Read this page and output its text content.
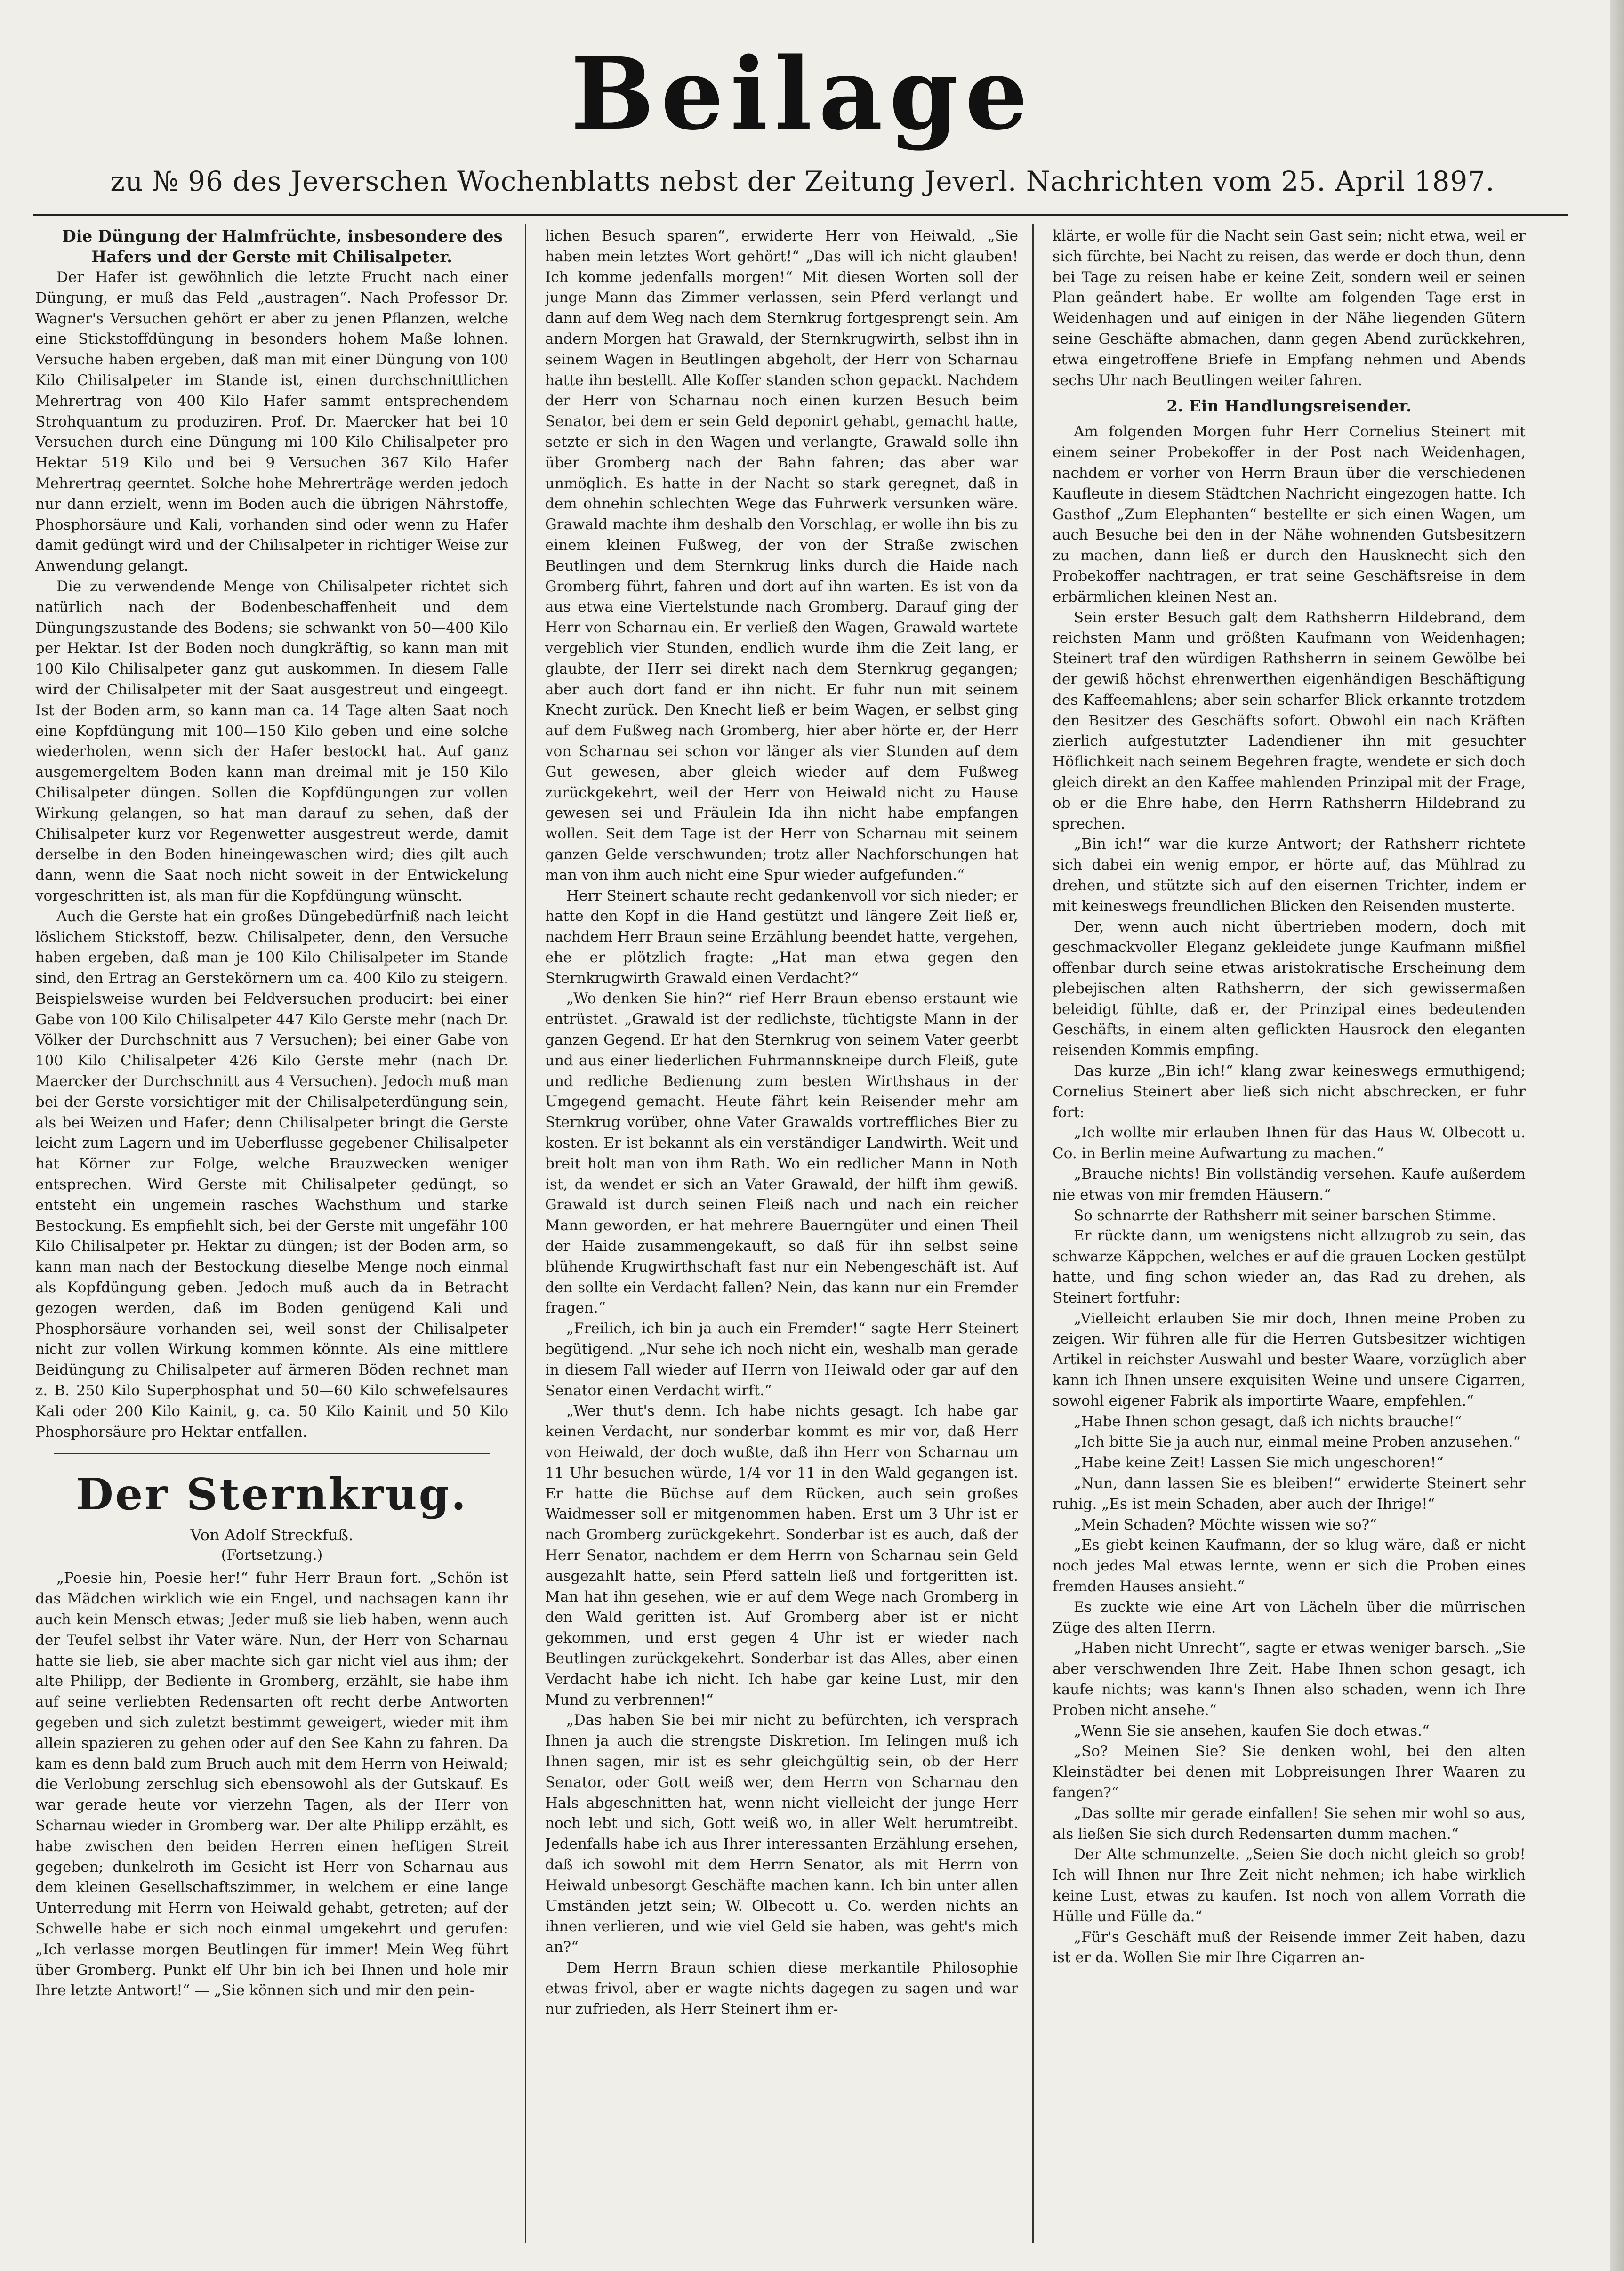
Beilage
zu № 96 des Jeverschen Wochenblatts nebst der Zeitung Jeverl. Nachrichten vom 25. April 1897.

Die Düngung der Halmfrüchte, insbesondere des Hafers und der Gerste mit Chilisalpeter.

Der Hafer ist gewöhnlich die letzte Frucht nach einer Düngung, er muß das Feld „austragen“. Nach Professor Dr. Wagner's Versuchen gehört er aber zu jenen Pflanzen, welche eine Stickstoffdüngung in besonders hohem Maße lohnen. Versuche haben ergeben, daß man mit einer Düngung von 100 Kilo Chilisalpeter im Stande ist, einen durchschnittlichen Mehrertrag von 400 Kilo Hafer sammt entsprechendem Strohquantum zu produziren. Prof. Dr. Maercker hat bei 10 Versuchen durch eine Düngung mi 100 Kilo Chilisalpeter pro Hektar 519 Kilo und bei 9 Versuchen 367 Kilo Hafer Mehrertrag geerntet. Solche hohe Mehrerträge werden jedoch nur dann erzielt, wenn im Boden auch die übrigen Nährstoffe, Phosphorsäure und Kali, vorhanden sind oder wenn zu Hafer damit gedüngt wird und der Chilisalpeter in richtiger Weise zur Anwendung gelangt.

Die zu verwendende Menge von Chilisalpeter richtet sich natürlich nach der Bodenbeschaffenheit und dem Düngungszustande des Bodens; sie schwankt von 50—400 Kilo per Hektar. Ist der Boden noch dungkräftig, so kann man mit 100 Kilo Chilisalpeter ganz gut auskommen. In diesem Falle wird der Chilisalpeter mit der Saat ausgestreut und eingeegt. Ist der Boden arm, so kann man ca. 14 Tage alten Saat noch eine Kopfdüngung mit 100—150 Kilo geben und eine solche wiederholen, wenn sich der Hafer bestockt hat. Auf ganz ausgemergeltem Boden kann man dreimal mit je 150 Kilo Chilisalpeter düngen. Sollen die Kopfdüngungen zur vollen Wirkung gelangen, so hat man darauf zu sehen, daß der Chilisalpeter kurz vor Regenwetter ausgestreut werde, damit derselbe in den Boden hineingewaschen wird; dies gilt auch dann, wenn die Saat noch nicht soweit in der Entwickelung vorgeschritten ist, als man für die Kopfdüngung wünscht.

Auch die Gerste hat ein großes Düngebedürfniß nach leicht löslichem Stickstoff, bezw. Chilisalpeter, denn, den Versuche haben ergeben, daß man je 100 Kilo Chilisalpeter im Stande sind, den Ertrag an Gerstekörnern um ca. 400 Kilo zu steigern. Beispielsweise wurden bei Feldversuchen producirt: bei einer Gabe von 100 Kilo Chilisalpeter 447 Kilo Gerste mehr (nach Dr. Völker der Durchschnitt aus 7 Versuchen); bei einer Gabe von 100 Kilo Chilisalpeter 426 Kilo Gerste mehr (nach Dr. Maercker der Durchschnitt aus 4 Versuchen). Jedoch muß man bei der Gerste vorsichtiger mit der Chilisalpeterdüngung sein, als bei Weizen und Hafer; denn Chilisalpeter bringt die Gerste leicht zum Lagern und im Ueberflusse gegebener Chilisalpeter hat Körner zur Folge, welche Brauzwecken weniger entsprechen. Wird Gerste mit Chilisalpeter gedüngt, so entsteht ein ungemein rasches Wachsthum und starke Bestockung. Es empfiehlt sich, bei der Gerste mit ungefähr 100 Kilo Chilisalpeter pr. Hektar zu düngen; ist der Boden arm, so kann man nach der Bestockung dieselbe Menge noch einmal als Kopfdüngung geben. Jedoch muß auch da in Betracht gezogen werden, daß im Boden genügend Kali und Phosphorsäure vorhanden sei, weil sonst der Chilisalpeter nicht zur vollen Wirkung kommen könnte. Als eine mittlere Beidüngung zu Chilisalpeter auf ärmeren Böden rechnet man z. B. 250 Kilo Superphosphat und 50—60 Kilo schwefelsaures Kali oder 200 Kilo Kainit, g. ca. 50 Kilo Kainit und 50 Kilo Phosphorsäure pro Hektar entfallen.

Der Sternkrug.
Von Adolf Streckfuß.
(Fortsetzung.)

„Poesie hin, Poesie her!“ fuhr Herr Braun fort. „Schön ist das Mädchen wirklich wie ein Engel, und nachsagen kann ihr auch kein Mensch etwas; Jeder muß sie lieb haben, wenn auch der Teufel selbst ihr Vater wäre. Nun, der Herr von Scharnau hatte sie lieb, sie aber machte sich gar nicht viel aus ihm; der alte Philipp, der Bediente in Gromberg, erzählt, sie habe ihm auf seine verliebten Redensarten oft recht derbe Antworten gegeben und sich zuletzt bestimmt geweigert, wieder mit ihm allein spazieren zu gehen oder auf den See Kahn zu fahren. Da kam es denn bald zum Bruch auch mit dem Herrn von Heiwald; die Verlobung zerschlug sich ebensowohl als der Gutskauf. Es war gerade heute vor vierzehn Tagen, als der Herr von Scharnau wieder in Gromberg war. Der alte Philipp erzählt, es habe zwischen den beiden Herren einen heftigen Streit gegeben; dunkelroth im Gesicht ist Herr von Scharnau aus dem kleinen Gesellschaftszimmer, in welchem er eine lange Unterredung mit Herrn von Heiwald gehabt, getreten; auf der Schwelle habe er sich noch einmal umgekehrt und gerufen: „Ich verlasse morgen Beutlingen für immer! Mein Weg führt über Gromberg. Punkt elf Uhr bin ich bei Ihnen und hole mir Ihre letzte Antwort!“ — „Sie können sich und mir den pein-

lichen Besuch sparen“, erwiderte Herr von Heiwald, „Sie haben mein letztes Wort gehört!“ „Das will ich nicht glauben! Ich komme jedenfalls morgen!“ Mit diesen Worten soll der junge Mann das Zimmer verlassen, sein Pferd verlangt und dann auf dem Weg nach dem Sternkrug fortgesprengt sein. Am andern Morgen hat Grawald, der Sternkrugwirth, selbst ihn in seinem Wagen in Beutlingen abgeholt, der Herr von Scharnau hatte ihn bestellt. Alle Koffer standen schon gepackt. Nachdem der Herr von Scharnau noch einen kurzen Besuch beim Senator, bei dem er sein Geld deponirt gehabt, gemacht hatte, setzte er sich in den Wagen und verlangte, Grawald solle ihn über Gromberg nach der Bahn fahren; das aber war unmöglich. Es hatte in der Nacht so stark geregnet, daß in dem ohnehin schlechten Wege das Fuhrwerk versunken wäre. Grawald machte ihm deshalb den Vorschlag, er wolle ihn bis zu einem kleinen Fußweg, der von der Straße zwischen Beutlingen und dem Sternkrug links durch die Haide nach Gromberg führt, fahren und dort auf ihn warten. Es ist von da aus etwa eine Viertelstunde nach Gromberg. Darauf ging der Herr von Scharnau ein. Er verließ den Wagen, Grawald wartete vergeblich vier Stunden, endlich wurde ihm die Zeit lang, er glaubte, der Herr sei direkt nach dem Sternkrug gegangen; aber auch dort fand er ihn nicht. Er fuhr nun mit seinem Knecht zurück. Den Knecht ließ er beim Wagen, er selbst ging auf dem Fußweg nach Gromberg, hier aber hörte er, der Herr von Scharnau sei schon vor länger als vier Stunden auf dem Gut gewesen, aber gleich wieder auf dem Fußweg zurückgekehrt, weil der Herr von Heiwald nicht zu Hause gewesen sei und Fräulein Ida ihn nicht habe empfangen wollen. Seit dem Tage ist der Herr von Scharnau mit seinem ganzen Gelde verschwunden; trotz aller Nachforschungen hat man von ihm auch nicht eine Spur wieder aufgefunden.“

Herr Steinert schaute recht gedankenvoll vor sich nieder; er hatte den Kopf in die Hand gestützt und längere Zeit ließ er, nachdem Herr Braun seine Erzählung beendet hatte, vergehen, ehe er plötzlich fragte: „Hat man etwa gegen den Sternkrugwirth Grawald einen Verdacht?“

„Wo denken Sie hin?“ rief Herr Braun ebenso erstaunt wie entrüstet. „Grawald ist der redlichste, tüchtigste Mann in der ganzen Gegend. Er hat den Sternkrug von seinem Vater geerbt und aus einer liederlichen Fuhrmannskneipe durch Fleiß, gute und redliche Bedienung zum besten Wirthshaus in der Umgegend gemacht. Heute fährt kein Reisender mehr am Sternkrug vorüber, ohne Vater Grawalds vortreffliches Bier zu kosten. Er ist bekannt als ein verständiger Landwirth. Weit und breit holt man von ihm Rath. Wo ein redlicher Mann in Noth ist, da wendet er sich an Vater Grawald, der hilft ihm gewiß. Grawald ist durch seinen Fleiß nach und nach ein reicher Mann geworden, er hat mehrere Bauerngüter und einen Theil der Haide zusammengekauft, so daß für ihn selbst seine blühende Krugwirthschaft fast nur ein Nebengeschäft ist. Auf den sollte ein Verdacht fallen? Nein, das kann nur ein Fremder fragen.“

„Freilich, ich bin ja auch ein Fremder!“ sagte Herr Steinert begütigend. „Nur sehe ich noch nicht ein, weshalb man gerade in diesem Fall wieder auf Herrn von Heiwald oder gar auf den Senator einen Verdacht wirft.“

„Wer thut's denn. Ich habe nichts gesagt. Ich habe gar keinen Verdacht, nur sonderbar kommt es mir vor, daß Herr von Heiwald, der doch wußte, daß ihn Herr von Scharnau um 11 Uhr besuchen würde, 1/4 vor 11 in den Wald gegangen ist. Er hatte die Büchse auf dem Rücken, auch sein großes Waidmesser soll er mitgenommen haben. Erst um 3 Uhr ist er nach Gromberg zurückgekehrt. Sonderbar ist es auch, daß der Herr Senator, nachdem er dem Herrn von Scharnau sein Geld ausgezahlt hatte, sein Pferd satteln ließ und fortgeritten ist. Man hat ihn gesehen, wie er auf dem Wege nach Gromberg in den Wald geritten ist. Auf Gromberg aber ist er nicht gekommen, und erst gegen 4 Uhr ist er wieder nach Beutlingen zurückgekehrt. Sonderbar ist das Alles, aber einen Verdacht habe ich nicht. Ich habe gar keine Lust, mir den Mund zu verbrennen!“

„Das haben Sie bei mir nicht zu befürchten, ich versprach Ihnen ja auch die strengste Diskretion. Im Ielingen muß ich Ihnen sagen, mir ist es sehr gleichgültig sein, ob der Herr Senator, oder Gott weiß wer, dem Herrn von Scharnau den Hals abgeschnitten hat, wenn nicht vielleicht der junge Herr noch lebt und sich, Gott weiß wo, in aller Welt herumtreibt. Jedenfalls habe ich aus Ihrer interessanten Erzählung ersehen, daß ich sowohl mit dem Herrn Senator, als mit Herrn von Heiwald unbesorgt Geschäfte machen kann. Ich bin unter allen Umständen jetzt sein; W. Olbecott u. Co. werden nichts an ihnen verlieren, und wie viel Geld sie haben, was geht's mich an?“

Dem Herrn Braun schien diese merkantile Philosophie etwas frivol, aber er wagte nichts dagegen zu sagen und war nur zufrieden, als Herr Steinert ihm er-

klärte, er wolle für die Nacht sein Gast sein; nicht etwa, weil er sich fürchte, bei Nacht zu reisen, das werde er doch thun, denn bei Tage zu reisen habe er keine Zeit, sondern weil er seinen Plan geändert habe. Er wollte am folgenden Tage erst in Weidenhagen und auf einigen in der Nähe liegenden Gütern seine Geschäfte abmachen, dann gegen Abend zurückkehren, etwa eingetroffene Briefe in Empfang nehmen und Abends sechs Uhr nach Beutlingen weiter fahren.

2. Ein Handlungsreisender.

Am folgenden Morgen fuhr Herr Cornelius Steinert mit einem seiner Probekoffer in der Post nach Weidenhagen, nachdem er vorher von Herrn Braun über die verschiedenen Kaufleute in diesem Städtchen Nachricht eingezogen hatte. Ich Gasthof „Zum Elephanten“ bestellte er sich einen Wagen, um auch Besuche bei den in der Nähe wohnenden Gutsbesitzern zu machen, dann ließ er durch den Hausknecht sich den Probekoffer nachtragen, er trat seine Geschäftsreise in dem erbärmlichen kleinen Nest an.

Sein erster Besuch galt dem Rathsherrn Hildebrand, dem reichsten Mann und größten Kaufmann von Weidenhagen; Steinert traf den würdigen Rathsherrn in seinem Gewölbe bei der gewiß höchst ehrenwerthen eigenhändigen Beschäftigung des Kaffeemahlens; aber sein scharfer Blick erkannte trotzdem den Besitzer des Geschäfts sofort. Obwohl ein nach Kräften zierlich aufgestutzter Ladendiener ihn mit gesuchter Höflichkeit nach seinem Begehren fragte, wendete er sich doch gleich direkt an den Kaffee mahlenden Prinzipal mit der Frage, ob er die Ehre habe, den Herrn Rathsherrn Hildebrand zu sprechen.

„Bin ich!“ war die kurze Antwort; der Rathsherr richtete sich dabei ein wenig empor, er hörte auf, das Mühlrad zu drehen, und stützte sich auf den eisernen Trichter, indem er mit keineswegs freundlichen Blicken den Reisenden musterte.

Der, wenn auch nicht übertrieben modern, doch mit geschmackvoller Eleganz gekleidete junge Kaufmann mißfiel offenbar durch seine etwas aristokratische Erscheinung dem plebejischen alten Rathsherrn, der sich gewissermaßen beleidigt fühlte, daß er, der Prinzipal eines bedeutenden Geschäfts, in einem alten geflickten Hausrock den eleganten reisenden Kommis empfing.

Das kurze „Bin ich!“ klang zwar keineswegs ermuthigend; Cornelius Steinert aber ließ sich nicht abschrecken, er fuhr fort:

„Ich wollte mir erlauben Ihnen für das Haus W. Olbecott u. Co. in Berlin meine Aufwartung zu machen.“

„Brauche nichts! Bin vollständig versehen. Kaufe außerdem nie etwas von mir fremden Häusern.“

So schnarrte der Rathsherr mit seiner barschen Stimme.

Er rückte dann, um wenigstens nicht allzugrob zu sein, das schwarze Käppchen, welches er auf die grauen Locken gestülpt hatte, und fing schon wieder an, das Rad zu drehen, als Steinert fortfuhr:

„Vielleicht erlauben Sie mir doch, Ihnen meine Proben zu zeigen. Wir führen alle für die Herren Gutsbesitzer wichtigen Artikel in reichster Auswahl und bester Waare, vorzüglich aber kann ich Ihnen unsere exquisiten Weine und unsere Cigarren, sowohl eigener Fabrik als importirte Waare, empfehlen.“

„Habe Ihnen schon gesagt, daß ich nichts brauche!“

„Ich bitte Sie ja auch nur, einmal meine Proben anzusehen.“

„Habe keine Zeit! Lassen Sie mich ungeschoren!“

„Nun, dann lassen Sie es bleiben!“ erwiderte Steinert sehr ruhig. „Es ist mein Schaden, aber auch der Ihrige!“

„Mein Schaden? Möchte wissen wie so?“

„Es giebt keinen Kaufmann, der so klug wäre, daß er nicht noch jedes Mal etwas lernte, wenn er sich die Proben eines fremden Hauses ansieht.“

Es zuckte wie eine Art von Lächeln über die mürrischen Züge des alten Herrn.

„Haben nicht Unrecht“, sagte er etwas weniger barsch. „Sie aber verschwenden Ihre Zeit. Habe Ihnen schon gesagt, ich kaufe nichts; was kann's Ihnen also schaden, wenn ich Ihre Proben nicht ansehe.“

„Wenn Sie sie ansehen, kaufen Sie doch etwas.“

„So? Meinen Sie? Sie denken wohl, bei den alten Kleinstädter bei denen mit Lobpreisungen Ihrer Waaren zu fangen?“

„Das sollte mir gerade einfallen! Sie sehen mir wohl so aus, als ließen Sie sich durch Redensarten dumm machen.“

Der Alte schmunzelte. „Seien Sie doch nicht gleich so grob! Ich will Ihnen nur Ihre Zeit nicht nehmen; ich habe wirklich keine Lust, etwas zu kaufen. Ist noch von allem Vorrath die Hülle und Fülle da.“

„Für's Geschäft muß der Reisende immer Zeit haben, dazu ist er da. Wollen Sie mir Ihre Cigarren an-
